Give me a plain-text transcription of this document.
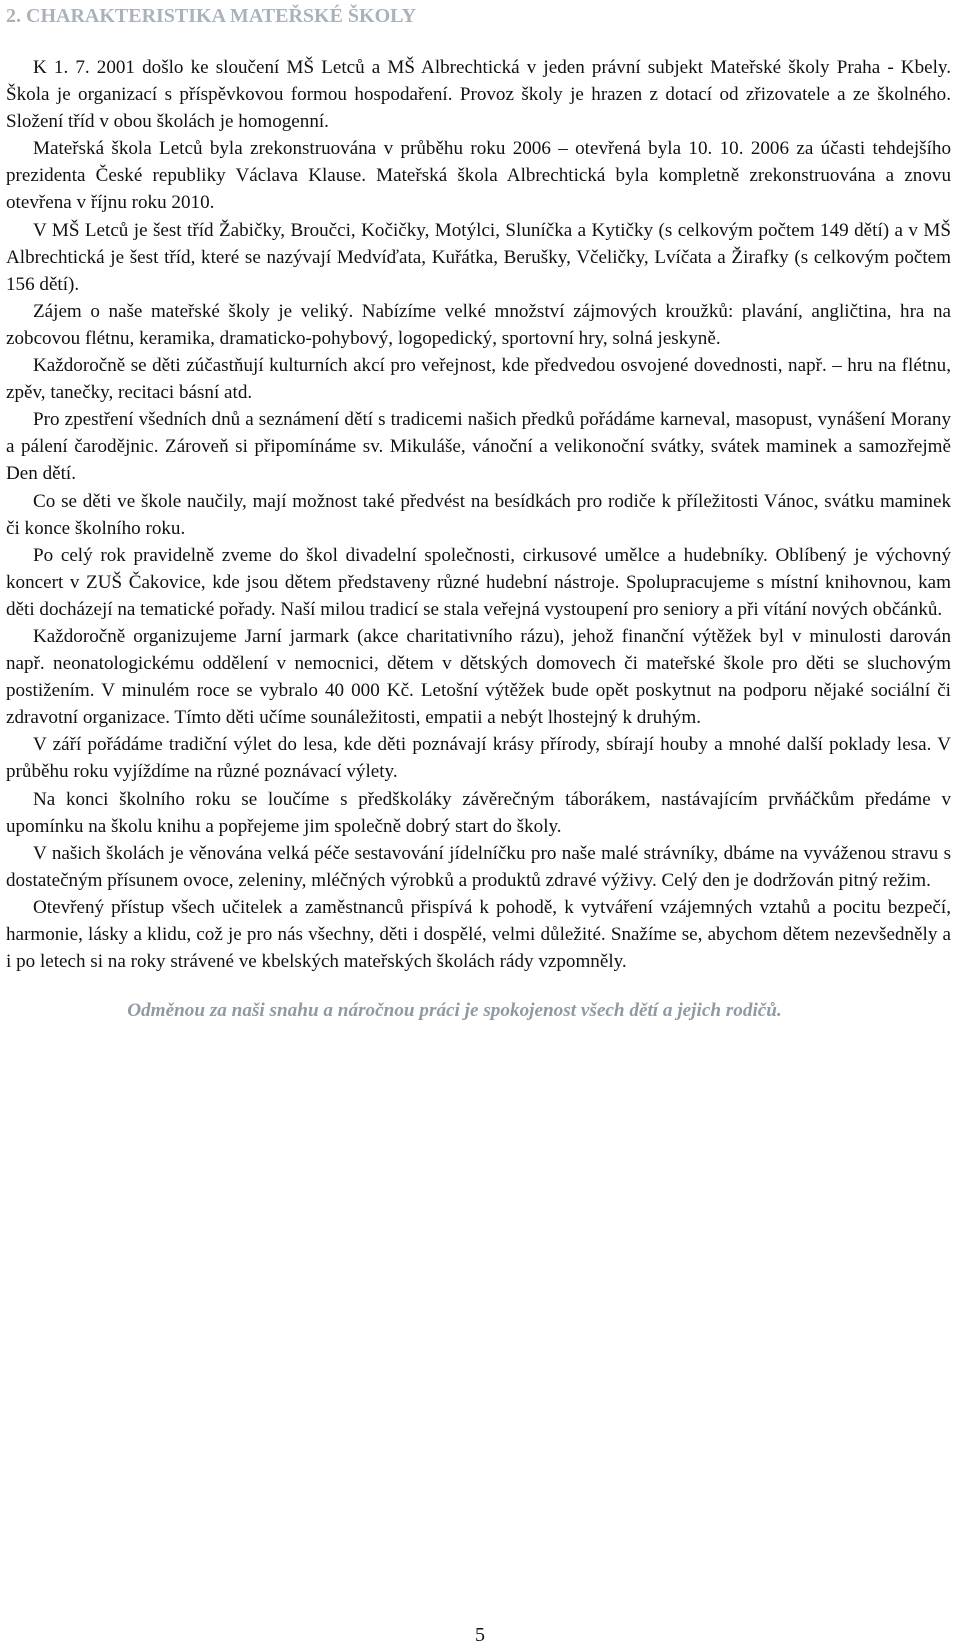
2. CHARAKTERISTIKA MATEŘSKÉ ŠKOLY

K 1. 7. 2001 došlo ke sloučení MŠ Letců a MŠ Albrechtická v jeden právní subjekt Mateřské školy Praha - Kbely. Škola je organizací s příspěvkovou formou hospodaření. Provoz školy je hrazen z dotací od zřizovatele a ze školného. Složení tříd v obou školách je homogenní.

Mateřská škola Letců byla zrekonstruována v průběhu roku 2006 – otevřená byla 10. 10. 2006 za účasti tehdejšího prezidenta České republiky Václava Klause. Mateřská škola Albrechtická byla kompletně zrekonstruována a znovu otevřena v říjnu roku 2010.

V MŠ Letců je šest tříd Žabičky, Broučci, Kočičky, Motýlci, Sluníčka a Kytičky (s celkovým počtem 149 dětí) a v MŠ Albrechtická je šest tříd, které se nazývají Medvíďata, Kuřátka, Berušky, Včeličky, Lvíčata a Žirafky (s celkovým počtem 156 dětí).

Zájem o naše mateřské školy je veliký. Nabízíme velké množství zájmových kroužků: plavání, angličtina, hra na zobcovou flétnu, keramika, dramaticko-pohybový, logopedický, sportovní hry, solná jeskyně.

Každoročně se děti zúčastňují kulturních akcí pro veřejnost, kde předvedou osvojené dovednosti, např. – hru na flétnu, zpěv, tanečky, recitaci básní atd.

Pro zpestření všedních dnů a seznámení dětí s tradicemi našich předků pořádáme karneval, masopust, vynášení Morany a pálení čarodějnic. Zároveň si připomínáme sv. Mikuláše, vánoční a velikonoční svátky, svátek maminek a samozřejmě Den dětí.

Co se děti ve škole naučily, mají možnost také předvést na besídkách pro rodiče k příležitosti Vánoc, svátku maminek či konce školního roku.

Po celý rok pravidelně zveme do škol divadelní společnosti, cirkusové umělce a hudebníky. Oblíbený je výchovný koncert v ZUŠ Čakovice, kde jsou dětem představeny různé hudební nástroje. Spolupracujeme s místní knihovnou, kam děti docházejí na tematické pořady. Naší milou tradicí se stala veřejná vystoupení pro seniory a při vítání nových občánků.

Každoročně organizujeme Jarní jarmark (akce charitativního rázu), jehož finanční výtěžek byl v minulosti darován např. neonatologickému oddělení v nemocnici, dětem v dětských domovech či mateřské škole pro děti se sluchovým postižením. V minulém roce se vybralo 40 000 Kč. Letošní výtěžek bude opět poskytnut na podporu nějaké sociální či zdravotní organizace. Tímto děti učíme sounáležitosti, empatii a nebýt lhostejný k druhým.

V září pořádáme tradiční výlet do lesa, kde děti poznávají krásy přírody, sbírají houby a mnohé další poklady lesa. V průběhu roku vyjíždíme na různé poznávací výlety.

Na konci školního roku se loučíme s předškoláky závěrečným táborákem, nastávajícím prvňáčkům předáme v upomínku na školu knihu a popřejeme jim společně dobrý start do školy.

V našich školách je věnována velká péče sestavování jídelníčku pro naše malé strávníky, dbáme na vyváženou stravu s dostatečným přísunem ovoce, zeleniny, mléčných výrobků a produktů zdravé výživy. Celý den je dodržován pitný režim.

Otevřený přístup všech učitelek a zaměstnanců přispívá k pohodě, k vytváření vzájemných vztahů a pocitu bezpečí, harmonie, lásky a klidu, což je pro nás všechny, děti i dospělé, velmi důležité. Snažíme se, abychom dětem nezevšedněly a i po letech si na roky strávené ve kbelských mateřských školách rády vzpomněly.

Odměnou za naši snahu a náročnou práci je spokojenost všech dětí a jejich rodičů.

5
